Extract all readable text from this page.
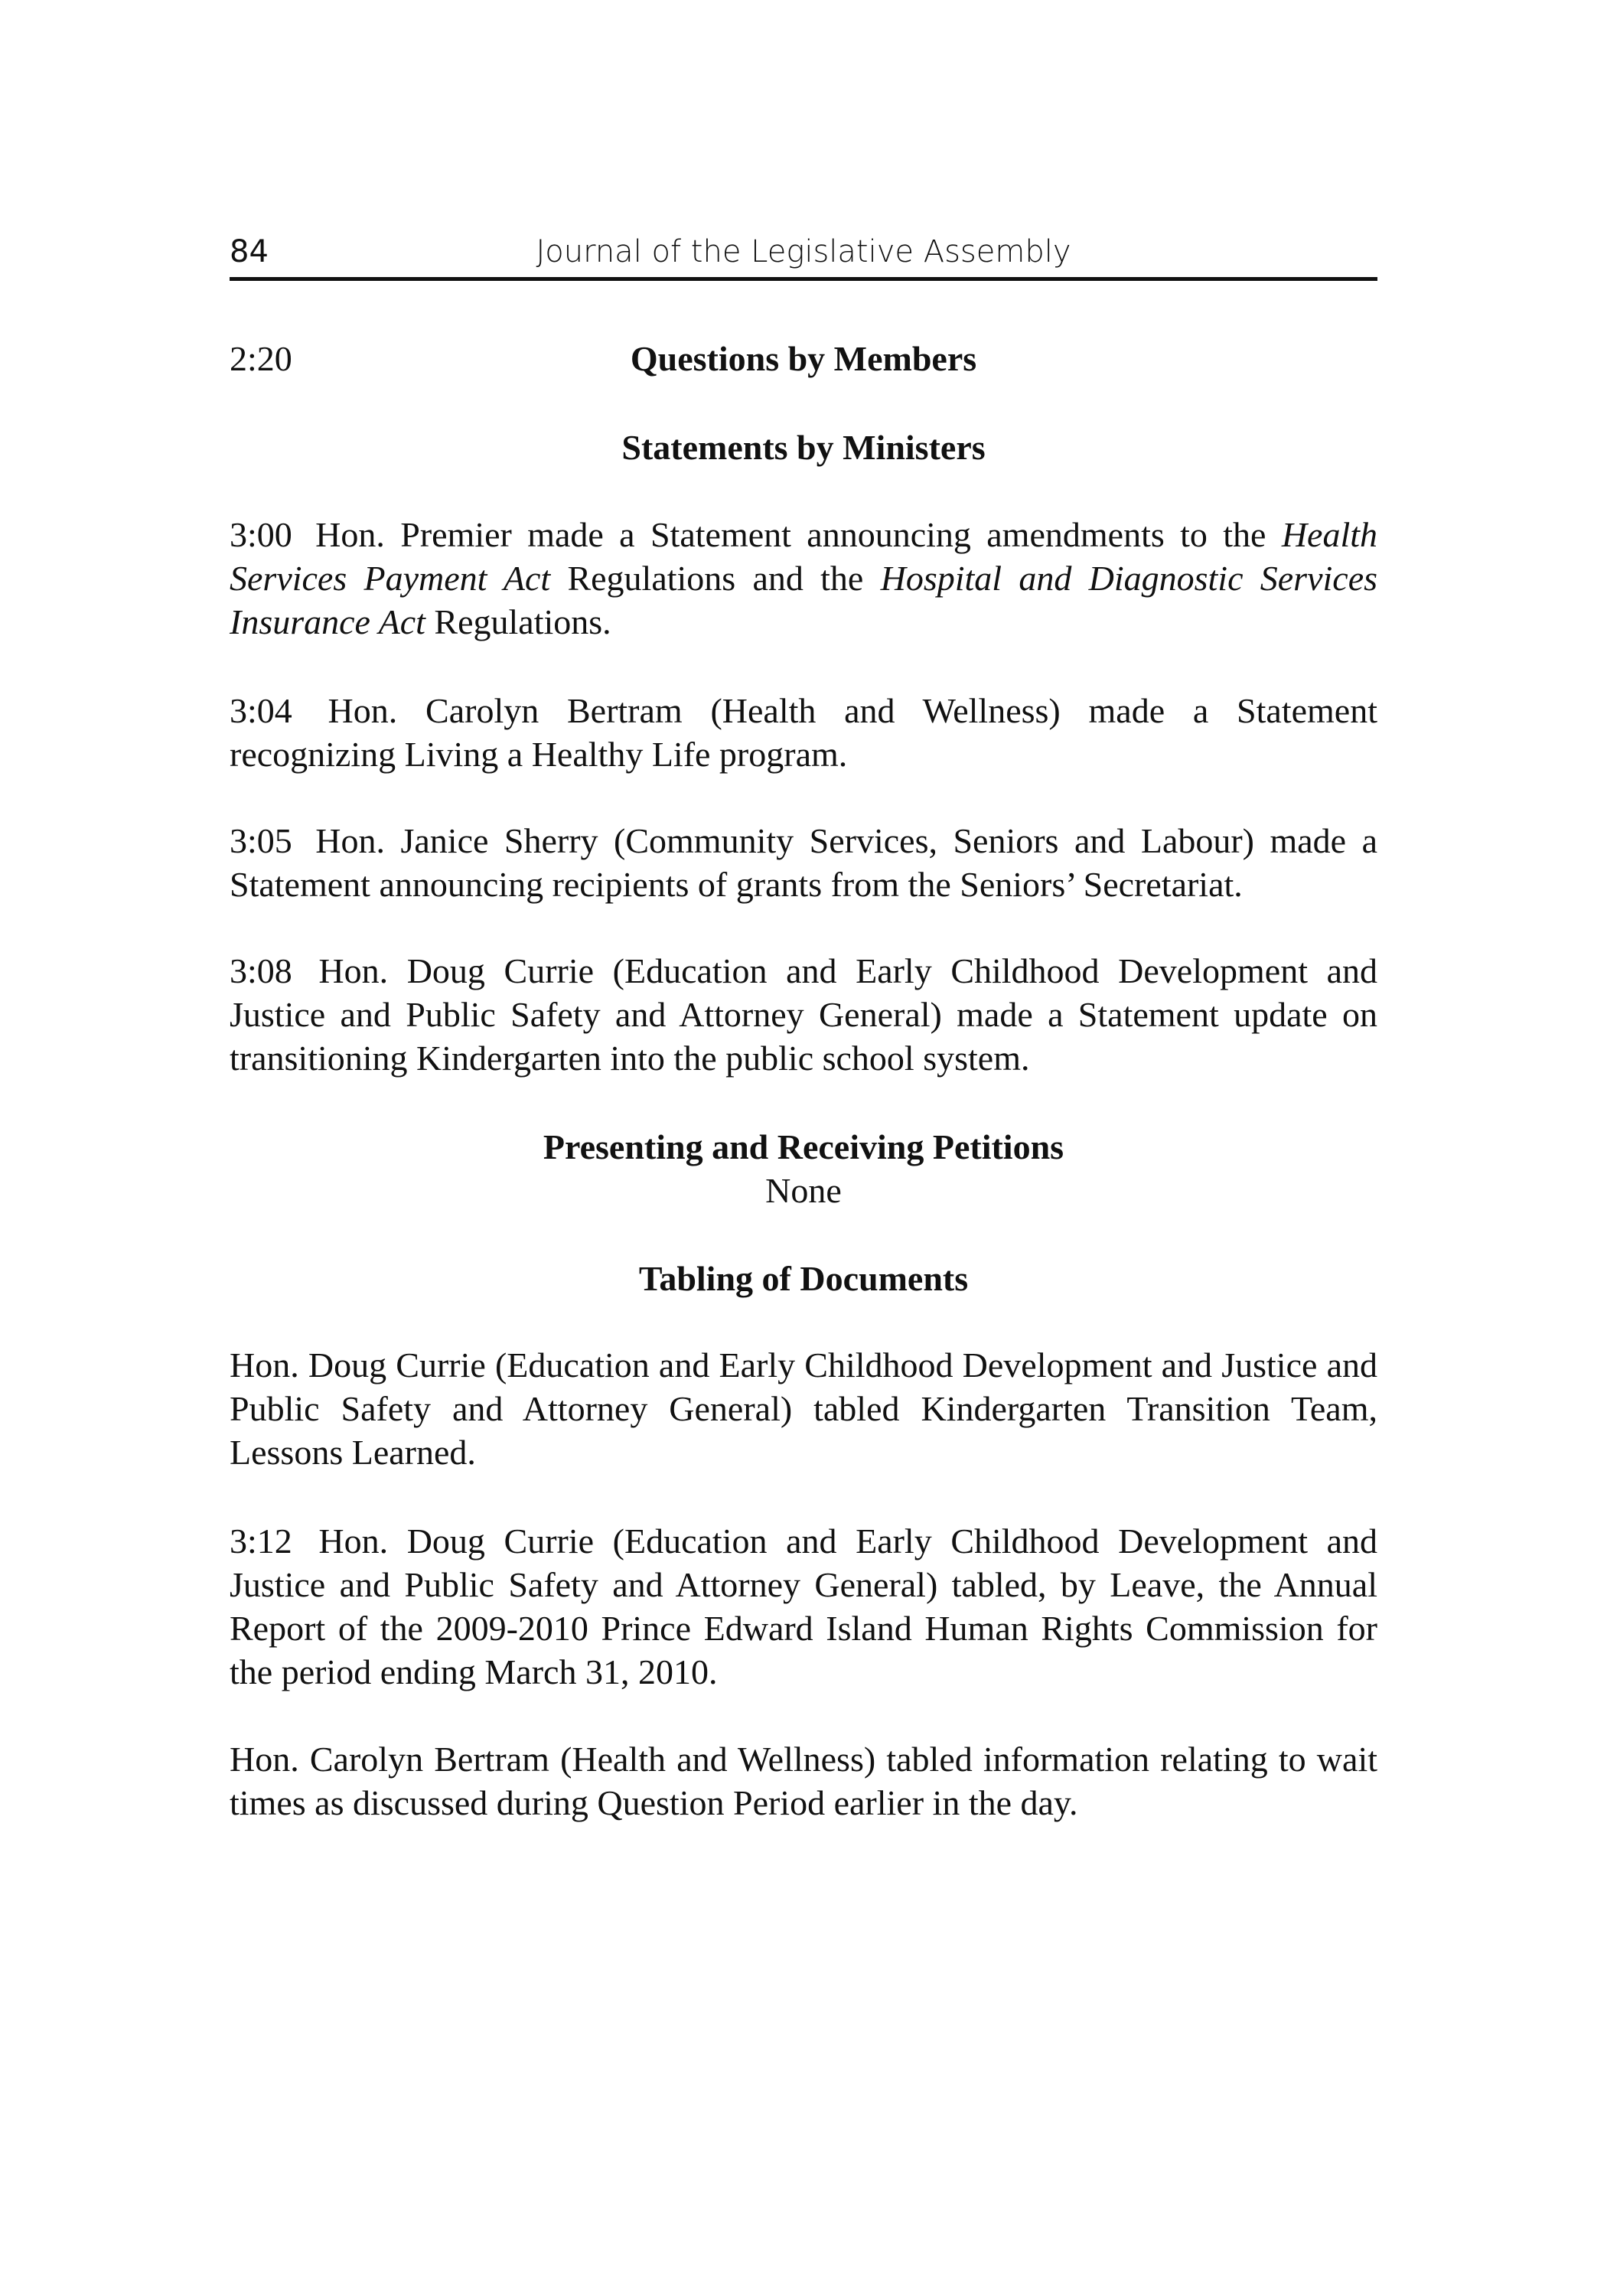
84	Journal of the Legislative Assembly
2:20	Questions by Members
Statements by Ministers
3:00 Hon. Premier made a Statement announcing amendments to the Health Services Payment Act Regulations and the Hospital and Diagnostic Services Insurance Act Regulations.
3:04 Hon. Carolyn Bertram (Health and Wellness) made a Statement recognizing Living a Healthy Life program.
3:05 Hon. Janice Sherry (Community Services, Seniors and Labour) made a Statement announcing recipients of grants from the Seniors’ Secretariat.
3:08 Hon. Doug Currie (Education and Early Childhood Development and Justice and Public Safety and Attorney General) made a Statement update on transitioning Kindergarten into the public school system.
Presenting and Receiving Petitions
None
Tabling of Documents
Hon. Doug Currie (Education and Early Childhood Development and Justice and Public Safety and Attorney General) tabled Kindergarten Transition Team, Lessons Learned.
3:12 Hon. Doug Currie (Education and Early Childhood Development and Justice and Public Safety and Attorney General) tabled, by Leave, the Annual Report of the 2009-2010 Prince Edward Island Human Rights Commission for the period ending March 31, 2010.
Hon. Carolyn Bertram (Health and Wellness) tabled information relating to wait times as discussed during Question Period earlier in the day.
